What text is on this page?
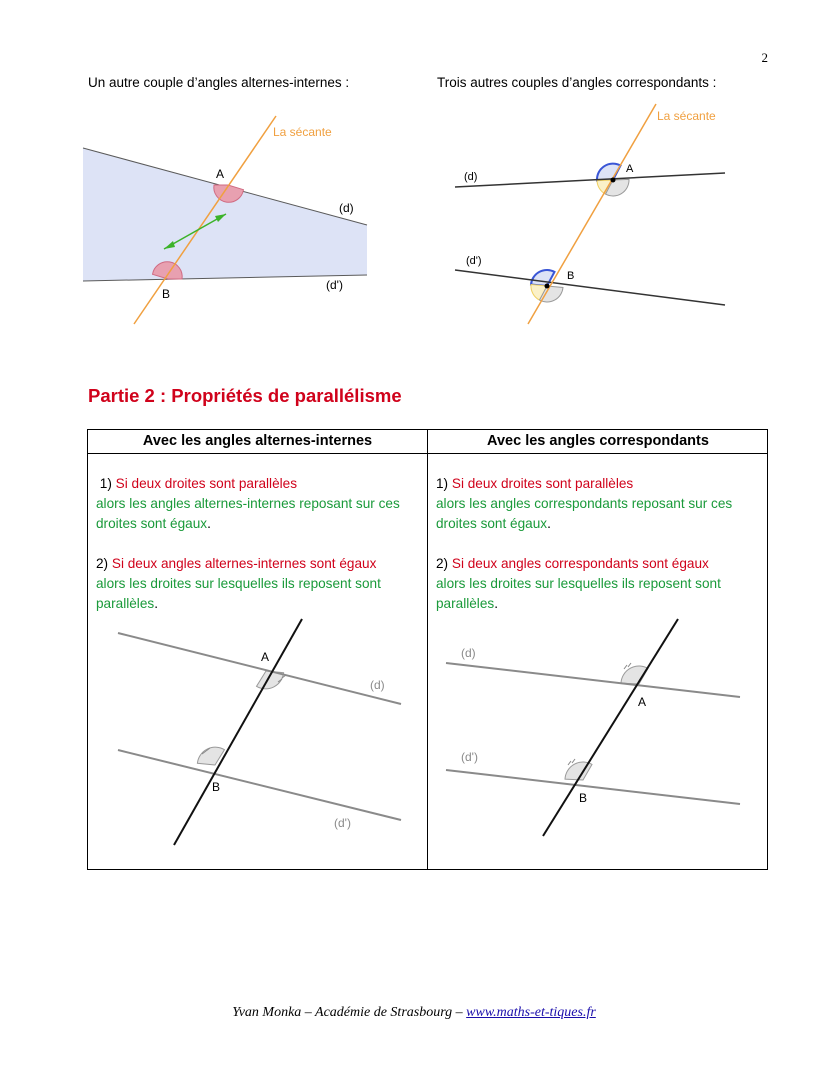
2
Un autre couple d’angles alternes-internes :	Trois autres couples d’angles correspondants :
La sécante
A
B
(d)
(d')
La sécante
A
B
(d)
(d')
Partie 2 : Propriétés de parallélisme
Avec les angles alternes-internes	Avec les angles correspondants
1) Si deux droites sont parallèles
alors les angles alternes-internes reposant sur ces droites sont égaux.
2) Si deux angles alternes-internes sont égaux
alors les droites sur lesquelles ils reposent sont parallèles.
1) Si deux droites sont parallèles
alors les angles correspondants reposant sur ces droites sont égaux.
2) Si deux angles correspondants sont égaux
alors les droites sur lesquelles ils reposent sont parallèles.
A
B
(d)
(d')
A
B
(d)
(d')
Yvan Monka – Académie de Strasbourg – www.maths-et-tiques.fr
